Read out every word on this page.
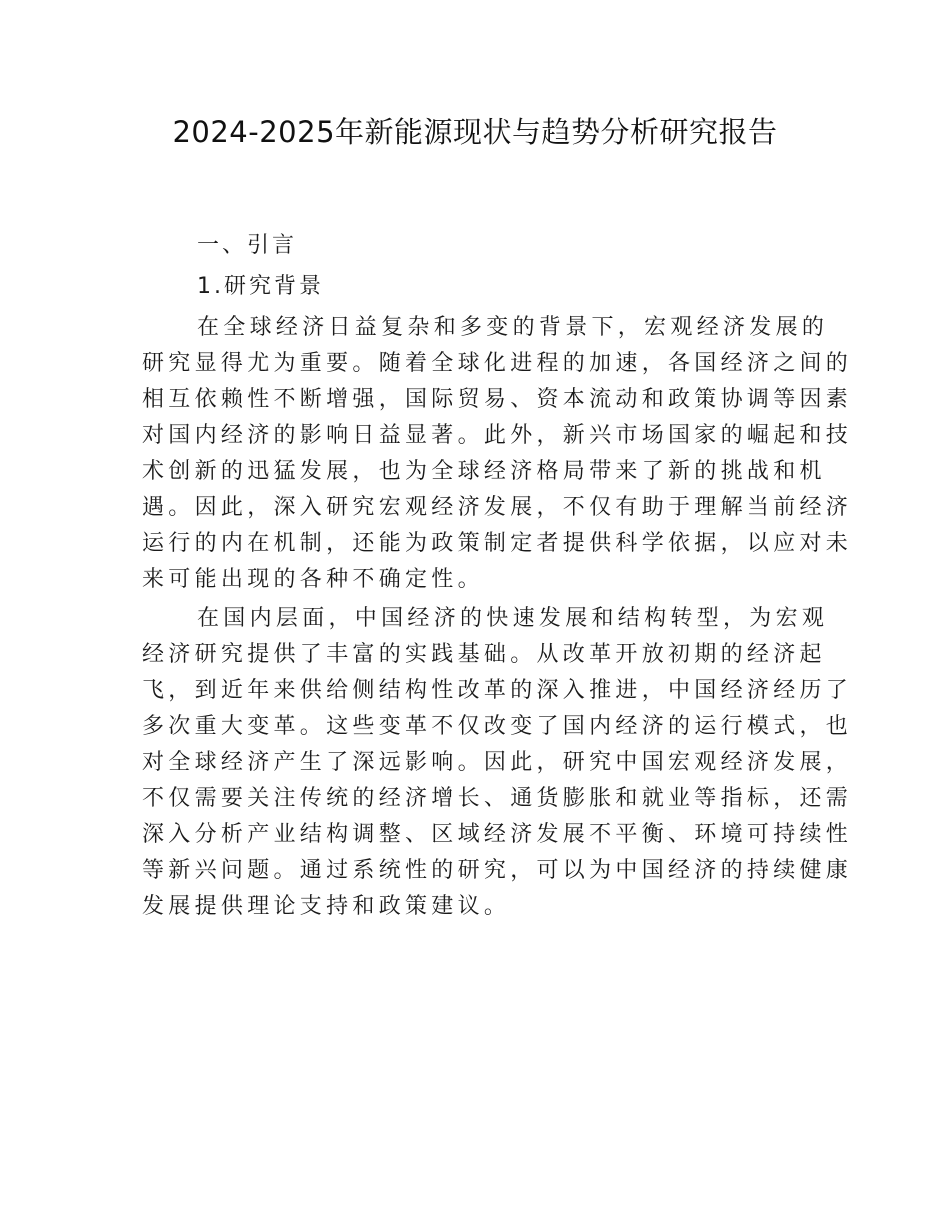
2024-2025年新能源现状与趋势分析研究报告
一、引言
1.研究背景
在全球经济日益复杂和多变的背景下，宏观经济发展的
研究显得尤为重要。随着全球化进程的加速，各国经济之间的
相互依赖性不断增强，国际贸易、资本流动和政策协调等因素
对国内经济的影响日益显著。此外，新兴市场国家的崛起和技
术创新的迅猛发展，也为全球经济格局带来了新的挑战和机
遇。因此，深入研究宏观经济发展，不仅有助于理解当前经济
运行的内在机制，还能为政策制定者提供科学依据，以应对未
来可能出现的各种不确定性。
在国内层面，中国经济的快速发展和结构转型，为宏观
经济研究提供了丰富的实践基础。从改革开放初期的经济起
飞，到近年来供给侧结构性改革的深入推进，中国经济经历了
多次重大变革。这些变革不仅改变了国内经济的运行模式，也
对全球经济产生了深远影响。因此，研究中国宏观经济发展，
不仅需要关注传统的经济增长、通货膨胀和就业等指标，还需
深入分析产业结构调整、区域经济发展不平衡、环境可持续性
等新兴问题。通过系统性的研究，可以为中国经济的持续健康
发展提供理论支持和政策建议。
